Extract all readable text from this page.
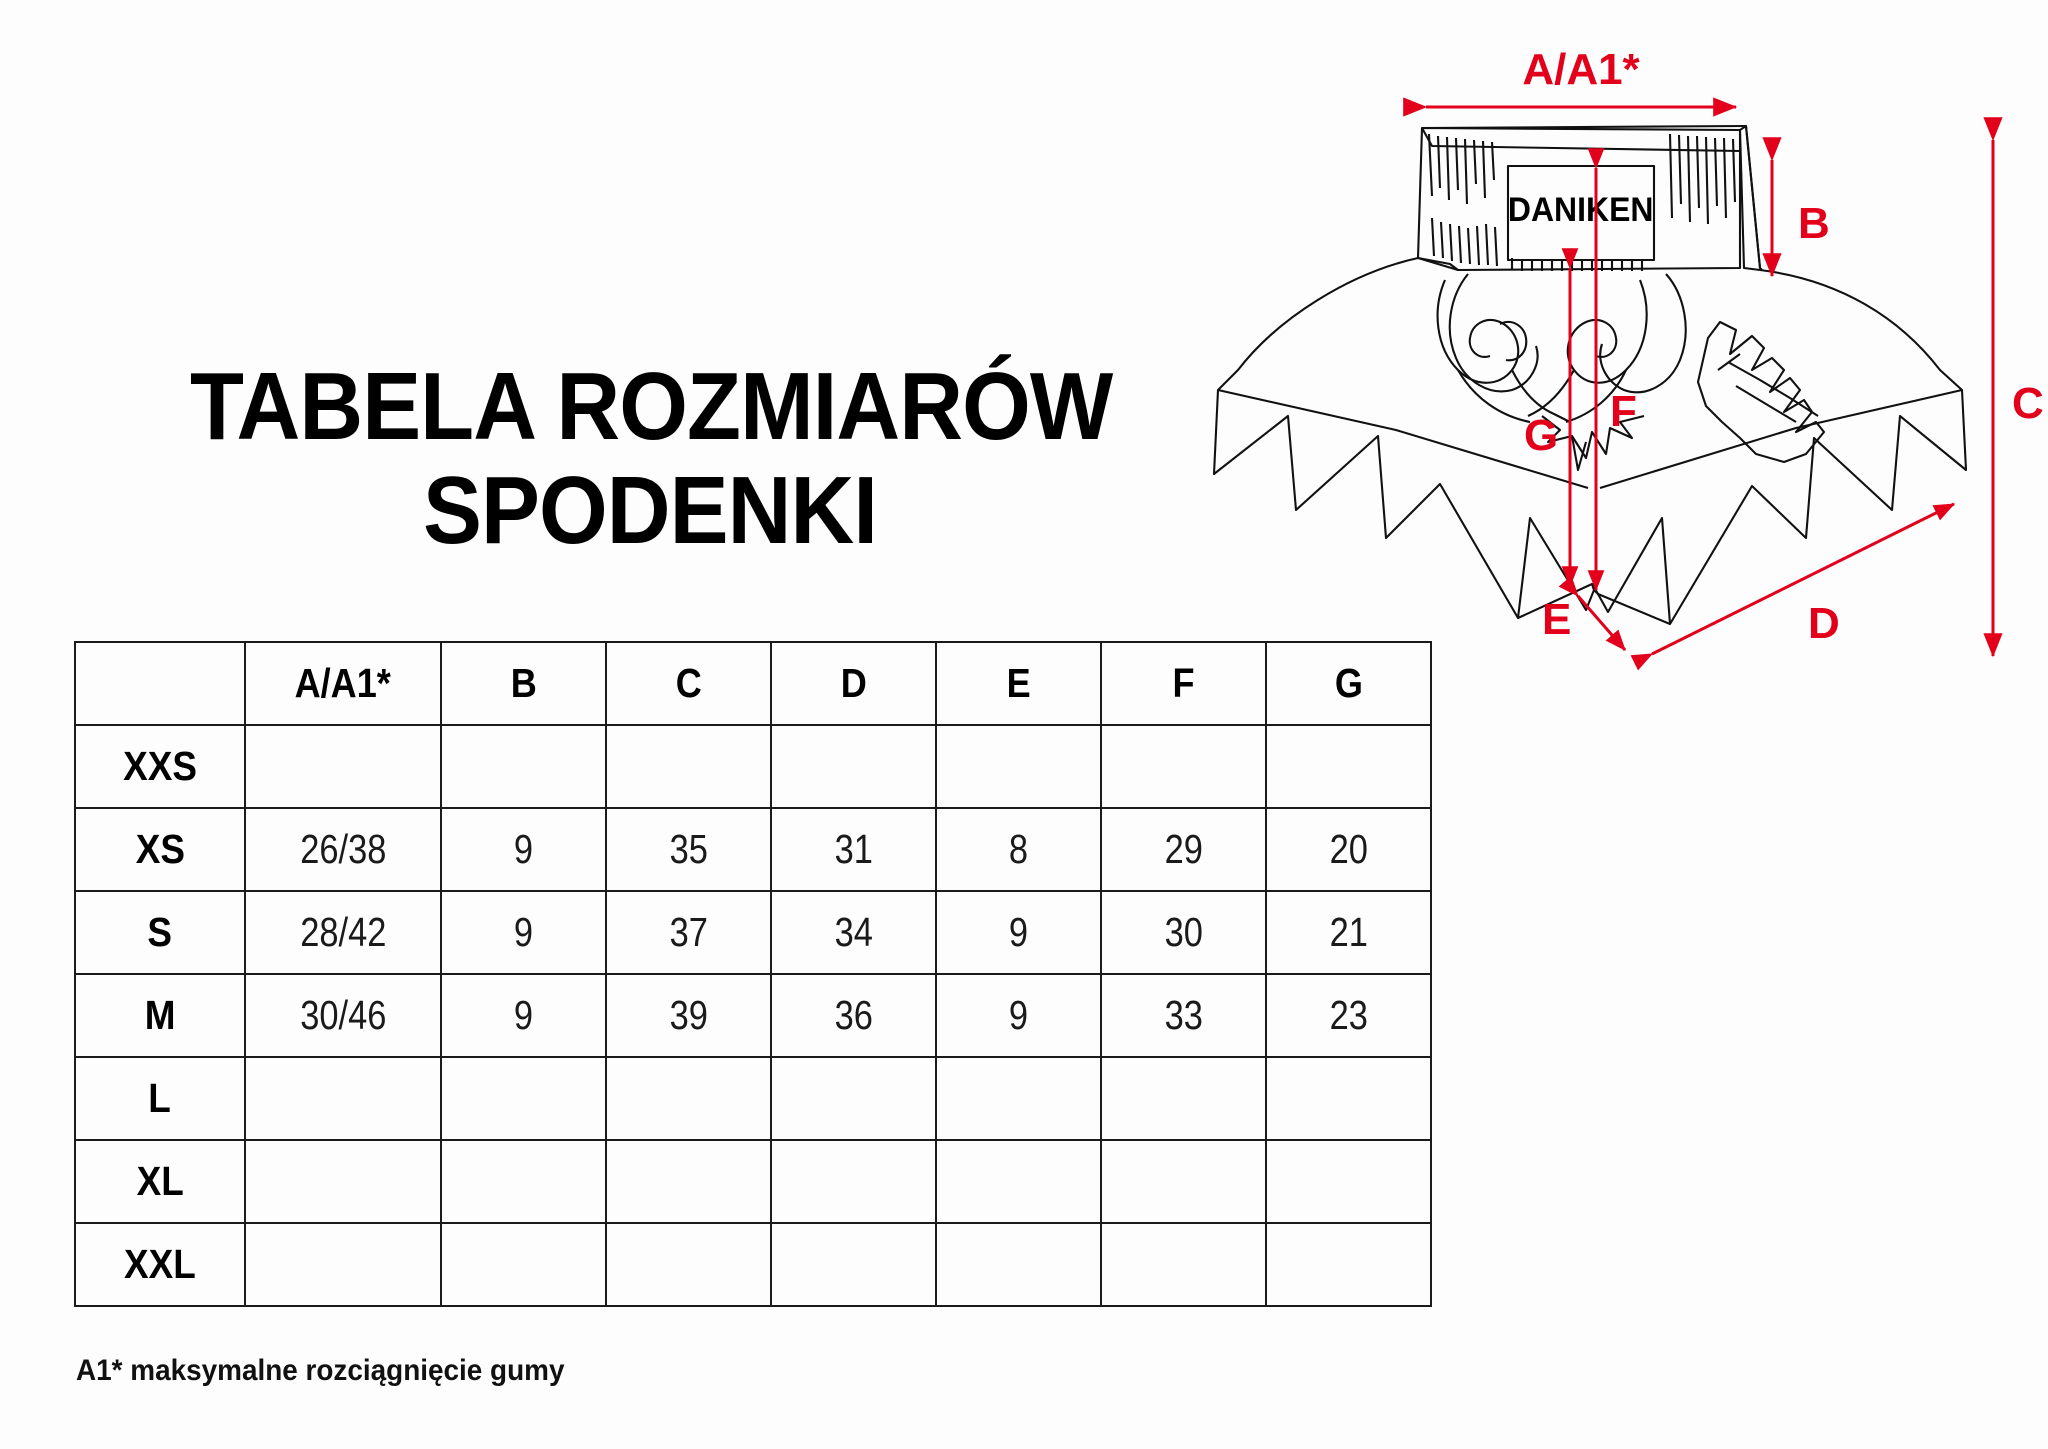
TABELA ROZMIARÓW
SPODENKI
DANIKEN
A/A1*
B
C
D
E
F
G
	A/A1*	B	C	D	E	F	G
XXS							
XS	26/38	9	35	31	8	29	20
S	28/42	9	37	34	9	30	21
M	30/46	9	39	36	9	33	23
L							
XL							
XXL							
A1* maksymalne rozciągnięcie gumy
